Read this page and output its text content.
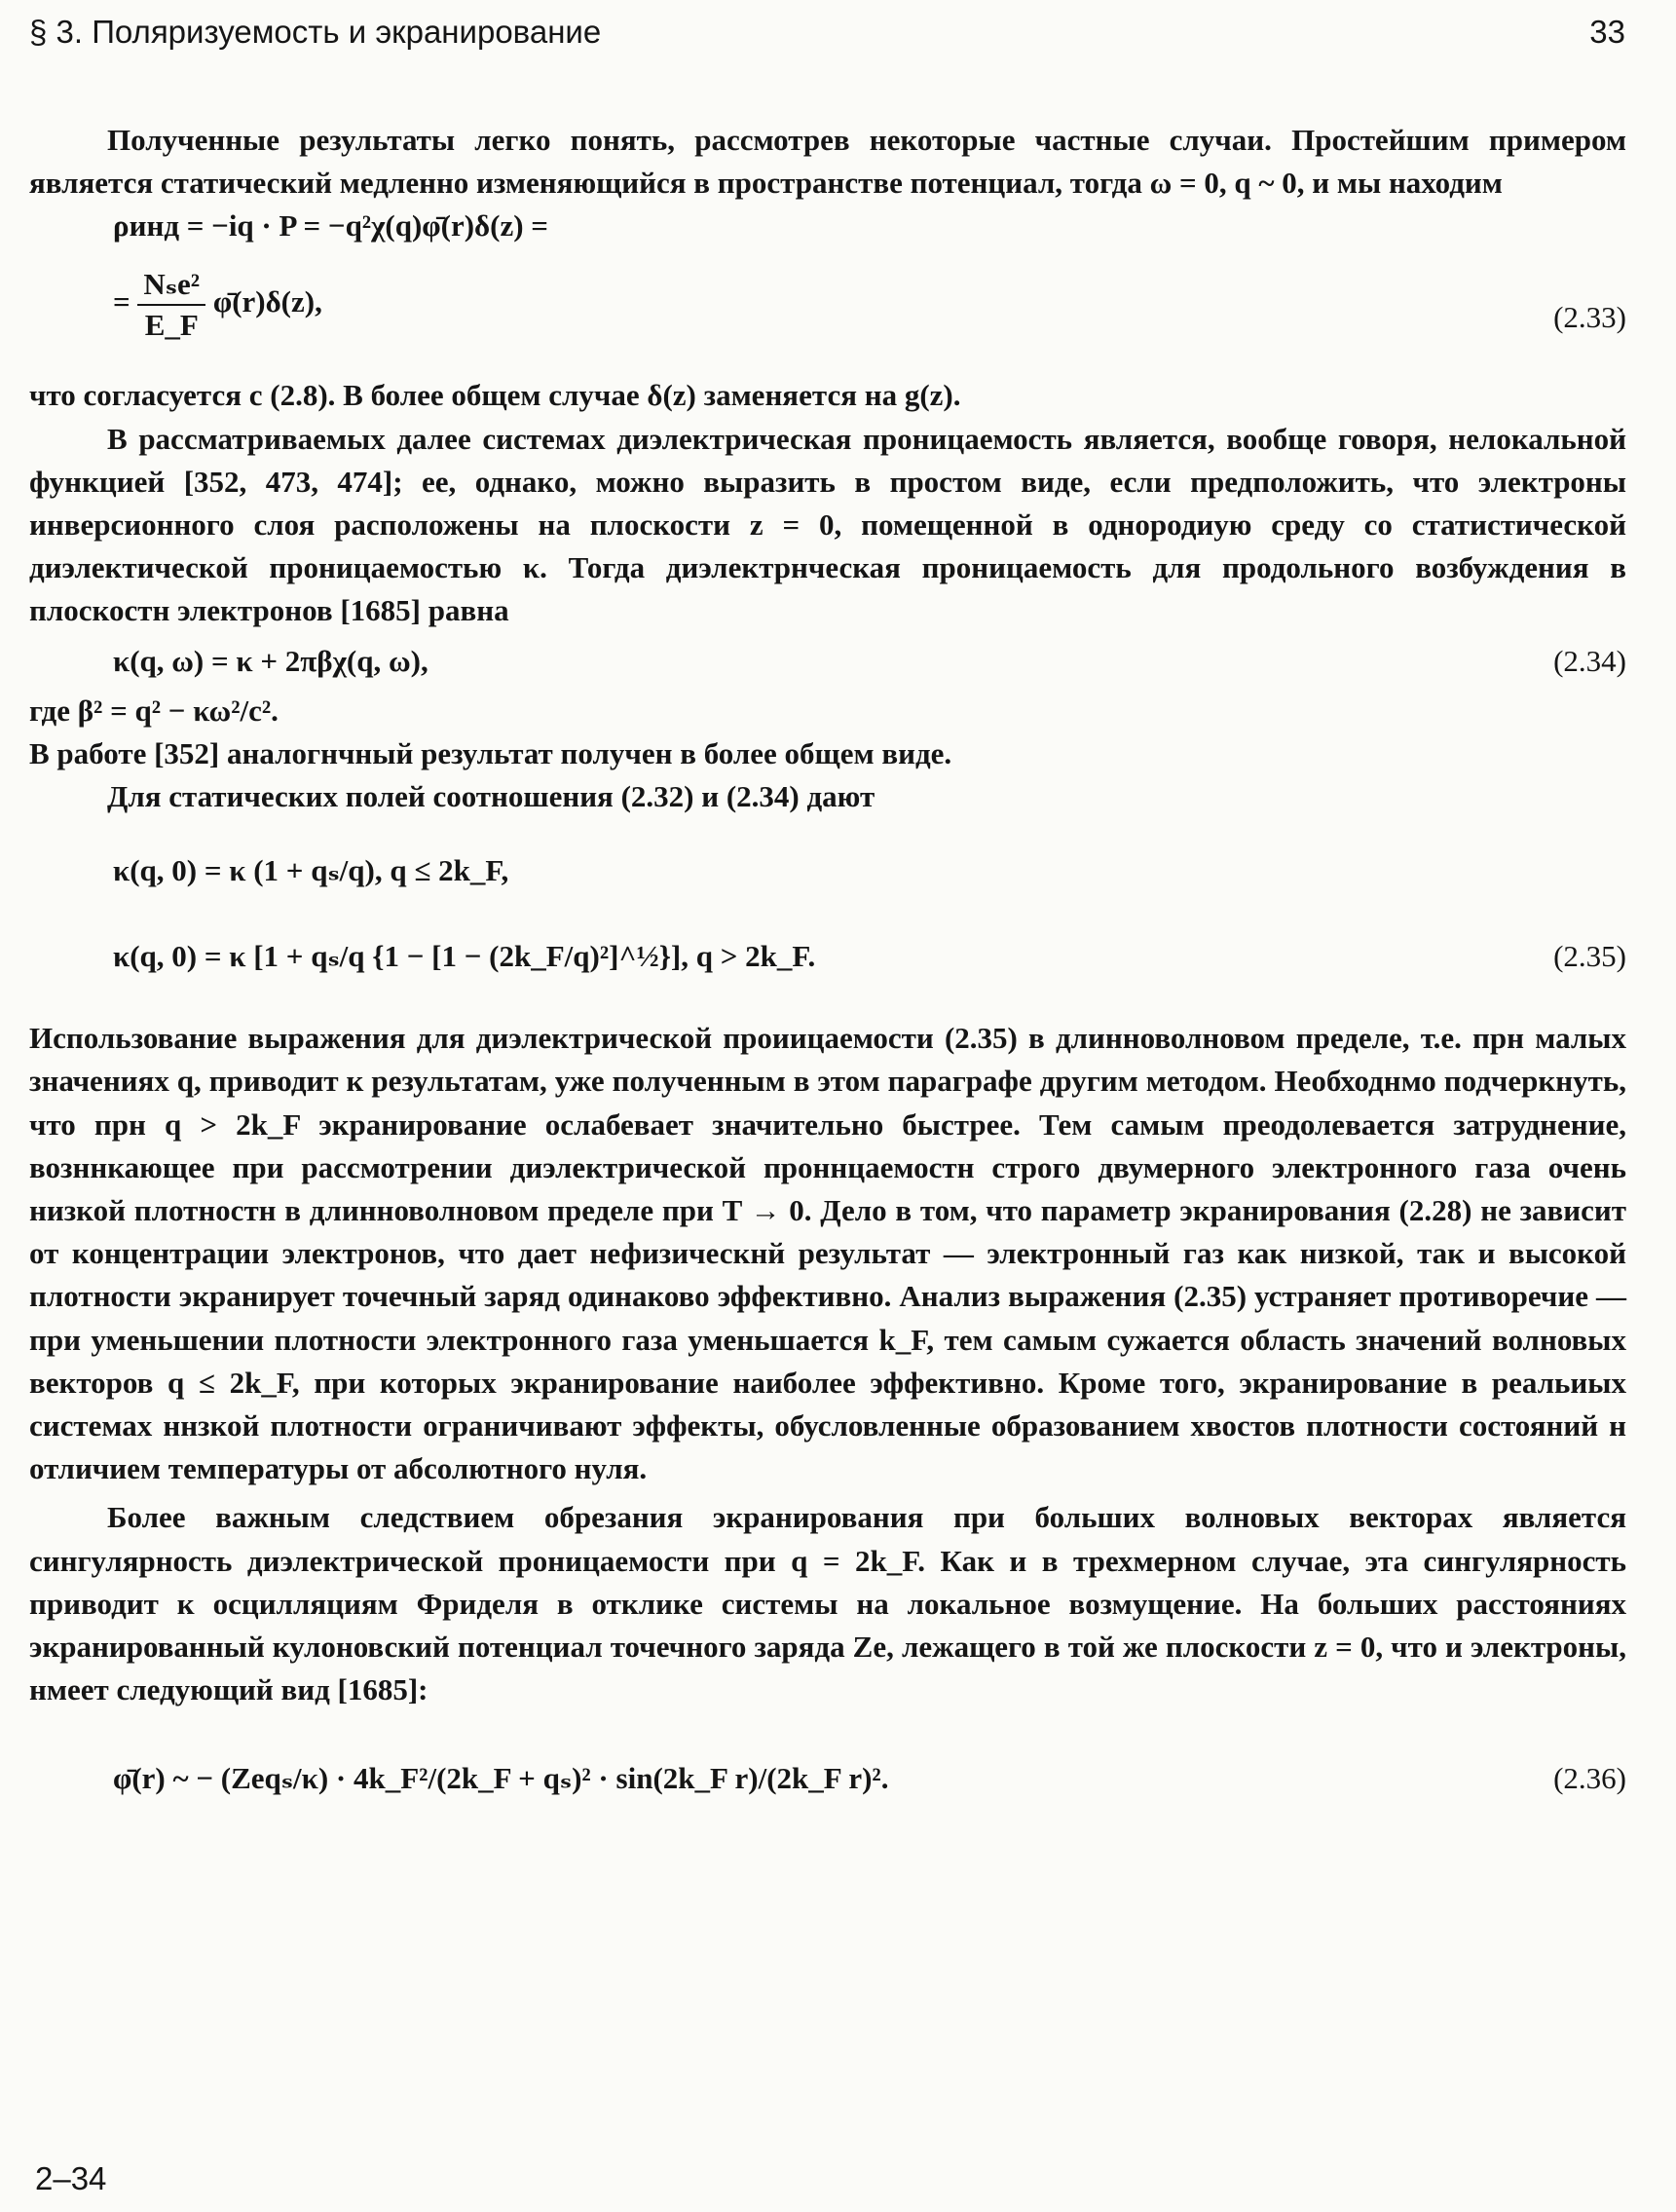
§ 3. Поляризуемость и экранирование	33

Полученные результаты легко понять, рассмотрев некоторые частные случаи. Простейшим примером является статический медленно изменяющийся в пространстве потенциал, тогда ω = 0, q ~ 0, и мы находим

ρинд = −iq · P = −q²χ(q)φ̄(r)δ(z) =
= $\frac{\text{Nₛe²}}{E\_F}$ φ̄(r)δ(z),	(2.33)

что согласуется с (2.8). В более общем случае δ(z) заменяется на g(z).

В рассматриваемых далее системах диэлектрическая проницаемость является, вообще говоря, нелокальной функцией [352, 473, 474]; ее, однако, можно выразить в простом виде, если предположить, что электроны инверсионного слоя расположены на плоскости z = 0, помещенной в однородиую среду со статистической диэлектической проницаемостью κ. Тогда диэлектрнческая проницаемость для продольного возбуждения в плоскостн электронов [1685] равна

κ(q, ω) = κ + 2πβχ(q, ω),	(2.34)

где β² = q² − κω²/c².

В работе [352] аналогнчный результат получен в более общем виде.

Для статических полей соотношения (2.32) и (2.34) дают

κ(q, 0) = κ (1 + qₛ/q), q ≤ 2k_F,
κ(q, 0) = κ [1 + qₛ/q {1 − [1 − (2k_F/q)²]^½}], q > 2k_F.	(2.35)

Использование выражения для диэлектрической проиицаемости (2.35) в длинноволновом пределе, т.е. прн малых значениях q, приводит к результатам, уже полученным в этом параграфе другим методом. Необходнмо подчеркнуть, что прн q > 2k_F экранирование ослабевает значительно быстрее. Тем самым преодолевается затруднение, возннкающее при рассмотрении диэлектрической проннцаемостн строго двумерного электронного газа очень низкой плотностн в длинноволновом пределе при T → 0. Дело в том, что параметр экранирования (2.28) не зависит от концентрации электронов, что дает нефизическнй результат — электронный газ как низкой, так и высокой плотности экранирует точечный заряд одинаково эффективно. Анализ выражения (2.35) устраняет противоречие — при уменьшении плотности электронного газа уменьшается k_F, тем самым сужается область значений волновых векторов q ≤ 2k_F, при которых экранирование наиболее эффективно. Кроме того, экранирование в реальиых системах ннзкой плотности ограничивают эффекты, обусловленные образованием хвостов плотности состояний н отличием температуры от абсолютного нуля.

Более важным следствием обрезания экранирования при больших волновых векторах является сингулярность диэлектрической проницаемости при q = 2k_F. Как и в трехмерном случае, эта сингулярность приводит к осцилляциям Фриделя в отклике системы на локальное возмущение. На больших расстояниях экранированный кулоновский потенциал точечного заряда Ze, лежащего в той же плоскости z = 0, что и электроны, нмеет следующий вид [1685]:

φ̄(r) ~ − (Zeqₛ/κ) · 4k_F²/(2k_F + qₛ)² · sin(2k_F r)/(2k_F r)².	(2.36)
2–34
